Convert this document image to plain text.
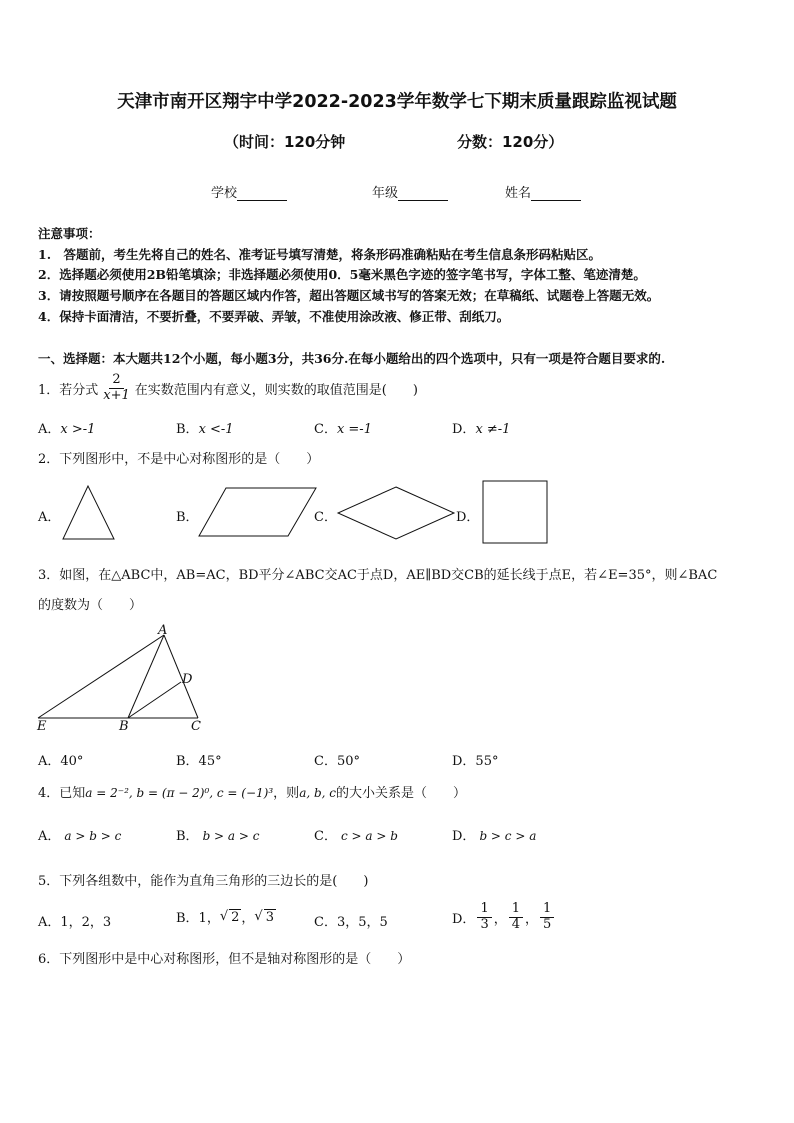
天津市南开区翔宇中学2022-2023学年数学七下期末质量跟踪监视试题
（时间：120分钟	分数：120分）
学校	年级	姓名
注意事项：
1.　答题前，考生先将自己的姓名、准考证号填写清楚，将条形码准确粘贴在考生信息条形码粘贴区。
2．选择题必须使用2B铅笔填涂；非选择题必须使用0．5毫米黑色字迹的签字笔书写，字体工整、笔迹清楚。
3．请按照题号顺序在各题目的答题区域内作答，超出答题区域书写的答案无效；在草稿纸、试题卷上答题无效。
4．保持卡面清洁，不要折叠，不要弄破、弄皱，不准使用涂改液、修正带、刮纸刀。
一、选择题：本大题共12个小题，每小题3分，共36分.在每小题给出的四个选项中，只有一项是符合题目要求的.
1．若分式 $\frac{2}{x+1}$ 在实数范围内有意义，则实数的取值范围是(　　)
A．x >-1	B．x <-1	C．x =-1	D．x ≠-1
2．下列图形中，不是中心对称图形的是（　　）
A．	B．	C．	D．
3．如图，在△ABC中，AB=AC，BD平分∠ABC交AC于点D，AE∥BD交CB的延长线于点E，若∠E=35°，则∠BAC
的度数为（　　）
A
B	C
D
E
A．40°	B．45°	C．50°	D．55°
4．已知a = 2⁻², b = (π − 2)⁰, c = (−1)³，则a, b, c的大小关系是（　　）
A． a > b > c	B． b > a > c	C． c > a > b	D． b > c > a
5．下列各组数中，能作为直角三角形的三边长的是(　　)
A．1，2，3	B．1， √ 2 ， √ 3	C．3，5，5	D． $\frac{1}{3}$ ， $\frac{1}{4}$ ， $\frac{1}{5}$
6．下列图形中是中心对称图形，但不是轴对称图形的是（　　）
